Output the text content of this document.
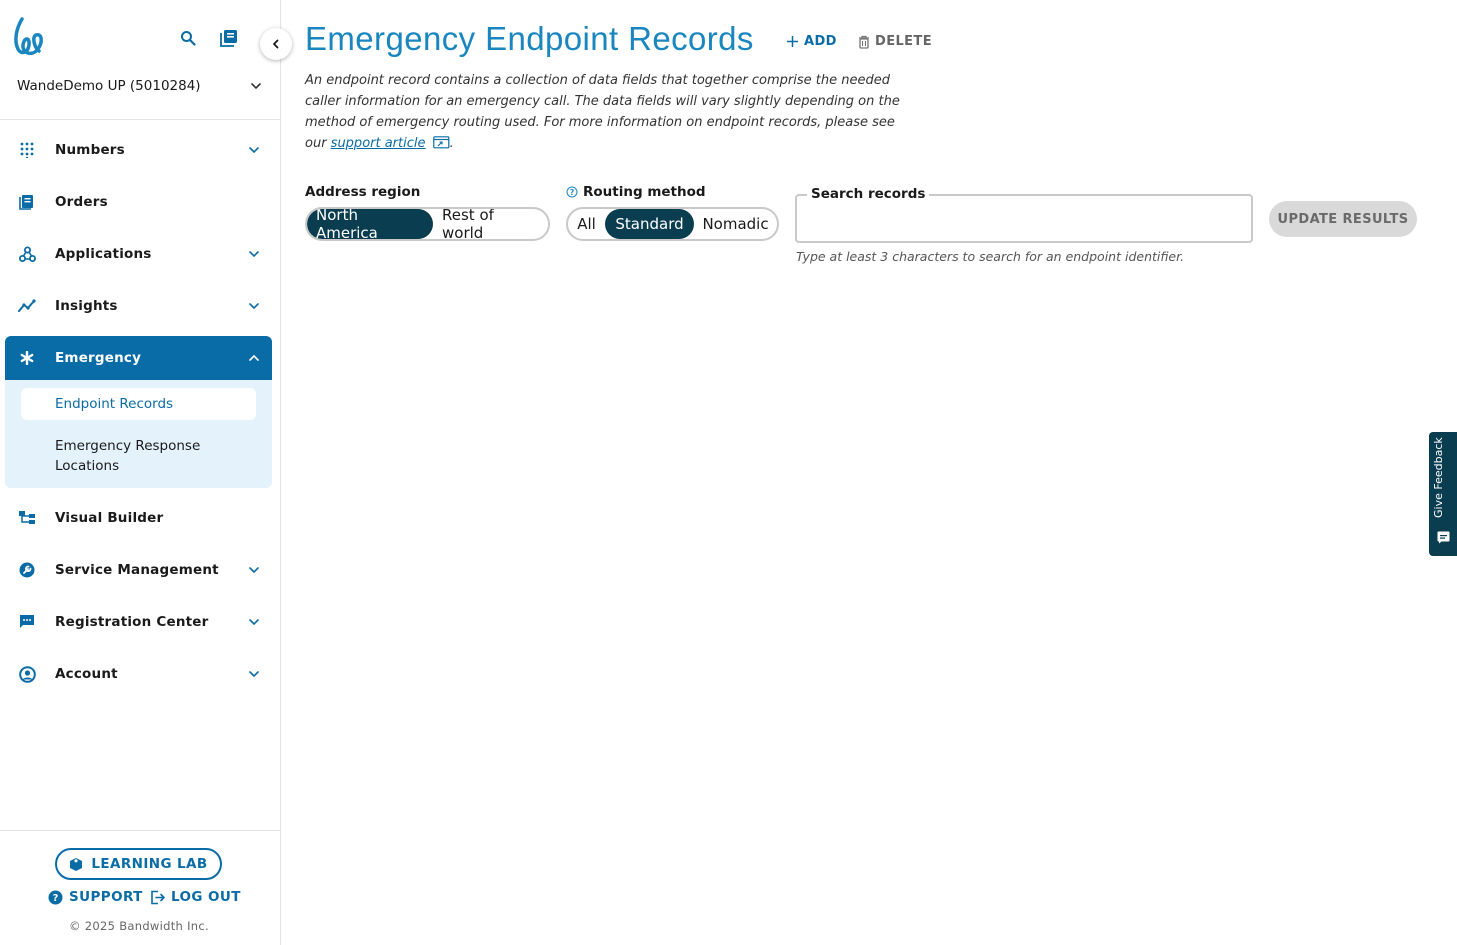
WandeDemo UP (5010284)
Numbers
Orders
Applications
Insights
Emergency
Endpoint Records
Emergency Response Locations
Visual Builder
Service Management
Registration Center
Account
LEARNING LAB
? SUPPORT LOG OUT
© 2025 Bandwidth Inc.
Emergency Endpoint Records	ADD	DELETE

An endpoint record contains a collection of data fields that together comprise the needed caller information for an emergency call. The data fields will vary slightly depending on the method of emergency routing used. For more information on endpoint records, please see our support article .

Address region
North America
Rest of world
? Routing method
All	Standard	Nomadic
Search records
Type at least 3 characters to search for an endpoint identifier.
UPDATE RESULTS
Give Feedback
